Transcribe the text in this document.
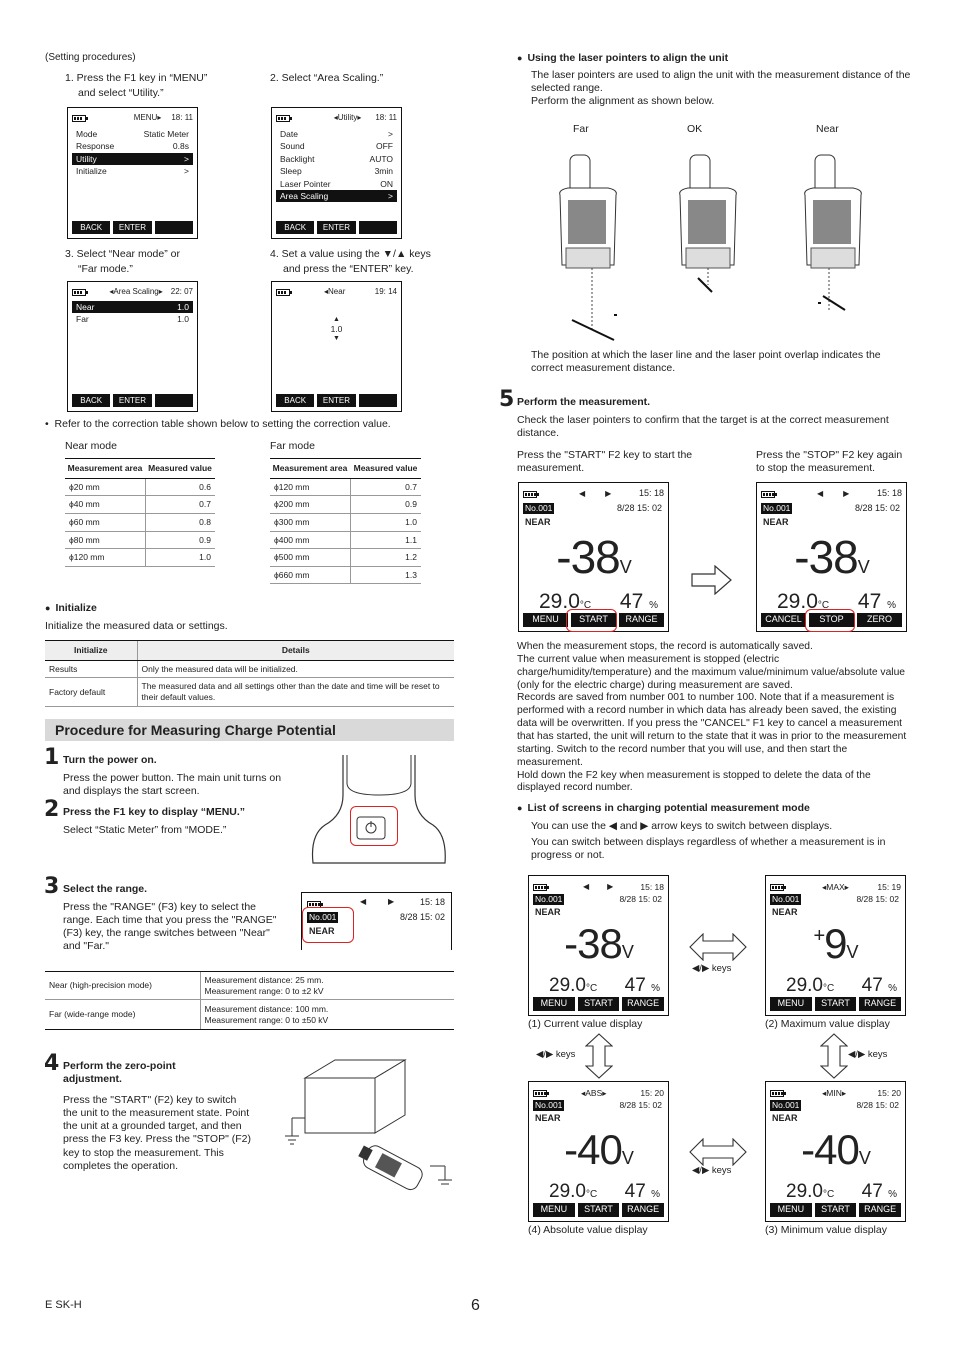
(Setting procedures)
1. Press the F1 key in “MENU”
and select “Utility.”
2. Select “Area Scaling.”
MENU▸	18: 11
Mode	Static Meter
Response	0.8s
Utility	>
Initialize	>
BACK	ENTER
◂Utility▸	18: 11
Date	>
Sound	OFF
Backlight	AUTO
Sleep	3min
Laser Pointer	ON
Area Scaling	>
BACK	ENTER
3. Select “Near mode” or
“Far mode.”
4. Set a value using the ▼/▲ keys
and press the “ENTER” key.
◂Area Scaling▸	22: 07
Near	1.0
Far	1.0
BACK	ENTER
◂Near	19: 14
▲
1.0
▼
BACK	ENTER
•  Refer to the correction table shown below to setting the correction value.
Near mode	Far mode
Measurement area	Measured value
ϕ20 mm	0.6
ϕ40 mm	0.7
ϕ60 mm	0.8
ϕ80 mm	0.9
ϕ120 mm	1.0
Measurement area	Measured value
ϕ120 mm	0.7
ϕ200 mm	0.9
ϕ300 mm	1.0
ϕ400 mm	1.1
ϕ500 mm	1.2
ϕ660 mm	1.3
● Initialize
Initialize the measured data or settings.
Initialize	Details
Results	Only the measured data will be initialized.
Factory default	The measured data and all settings other than the date and time will be reset to their default values.
Procedure for Measuring Charge Potential
1 Turn the power on.
Press the power button. The main unit turns on and displays the start screen.
2 Press the F1 key to display “MENU.”
Select “Static Meter” from “MODE.”
3 Select the range.
Press the "RANGE" (F3) key to select the range. Each time that you press the "RANGE" (F3) key, the range switches between "Near" and "Far."
◀	▶	15: 18
No.001	8/28 15: 02
NEAR
Near (high-precision mode)	Measurement distance: 25 mm.
Measurement range: 0 to ±2 kV

Far (wide-range mode)	Measurement distance: 100 mm.
Measurement range: 0 to ±50 kV
4 Perform the zero-point adjustment.
Press the "START" (F2) key to switch the unit to the measurement state. Point the unit at a grounded target, and then press the F3 key. Press the "STOP" (F2) key to stop the measurement. This completes the operation.
● Using the laser pointers to align the unit
The laser pointers are used to align the unit with the measurement distance of the selected range.
Perform the alignment as shown below.
Far	OK	Near
The position at which the laser line and the laser point overlap indicates the correct measurement distance.
5 Perform the measurement.
Check the laser pointers to confirm that the target is at the correct measurement distance.
Press the "START" F2 key to start the measurement.
Press the "STOP" F2 key again to stop the measurement.
◀	▶	15: 18
No.001	8/28 15: 02
NEAR
-38V
29.0°C 47 %
MENU	START	RANGE
◀	▶	15: 18
No.001	8/28 15: 02
NEAR
-38V
29.0°C 47 %
CANCEL	STOP	ZERO
When the measurement stops, the record is automatically saved.
The current value when measurement is stopped (electric charge/humidity/temperature) and the maximum value/minimum value/absolute value (only for the electric charge) during measurement are saved.
Records are saved from number 001 to number 100. Note that if a measurement is performed with a record number in which data has already been saved, the existing data will be overwritten. If you press the "CANCEL" F1 key to cancel a measurement that has started, the unit will return to the state that it was in prior to the measurement starting. Switch to the record number that you will use, and then start the measurement.
Hold down the F2 key when measurement is stopped to delete the data of the displayed record number.
● List of screens in charging potential measurement mode
You can use the ◀ and ▶ arrow keys to switch between displays.
You can switch between displays regardless of whether a measurement is in progress or not.
◀ ▶	15: 18
No.001	8/28 15: 02
NEAR
-38V
29.0°C 47 %
MENU	START	RANGE
(1) Current value display
◂MAX▸	15: 19
No.001	8/28 15: 02
NEAR
+9V
29.0°C 47 %
MENU	START	RANGE
(2) Maximum value display
◂ABS▸	15: 20
No.001	8/28 15: 02
NEAR
-40V
29.0°C 47 %
MENU	START	RANGE
(4) Absolute value display
◂MIN▸	15: 20
No.001	8/28 15: 02
NEAR
-40V
29.0°C 47 %
MENU	START	RANGE
(3) Minimum value display
◀/▶ keys
◀/▶ keys
◀/▶ keys	◀/▶ keys
E SK-H	6
